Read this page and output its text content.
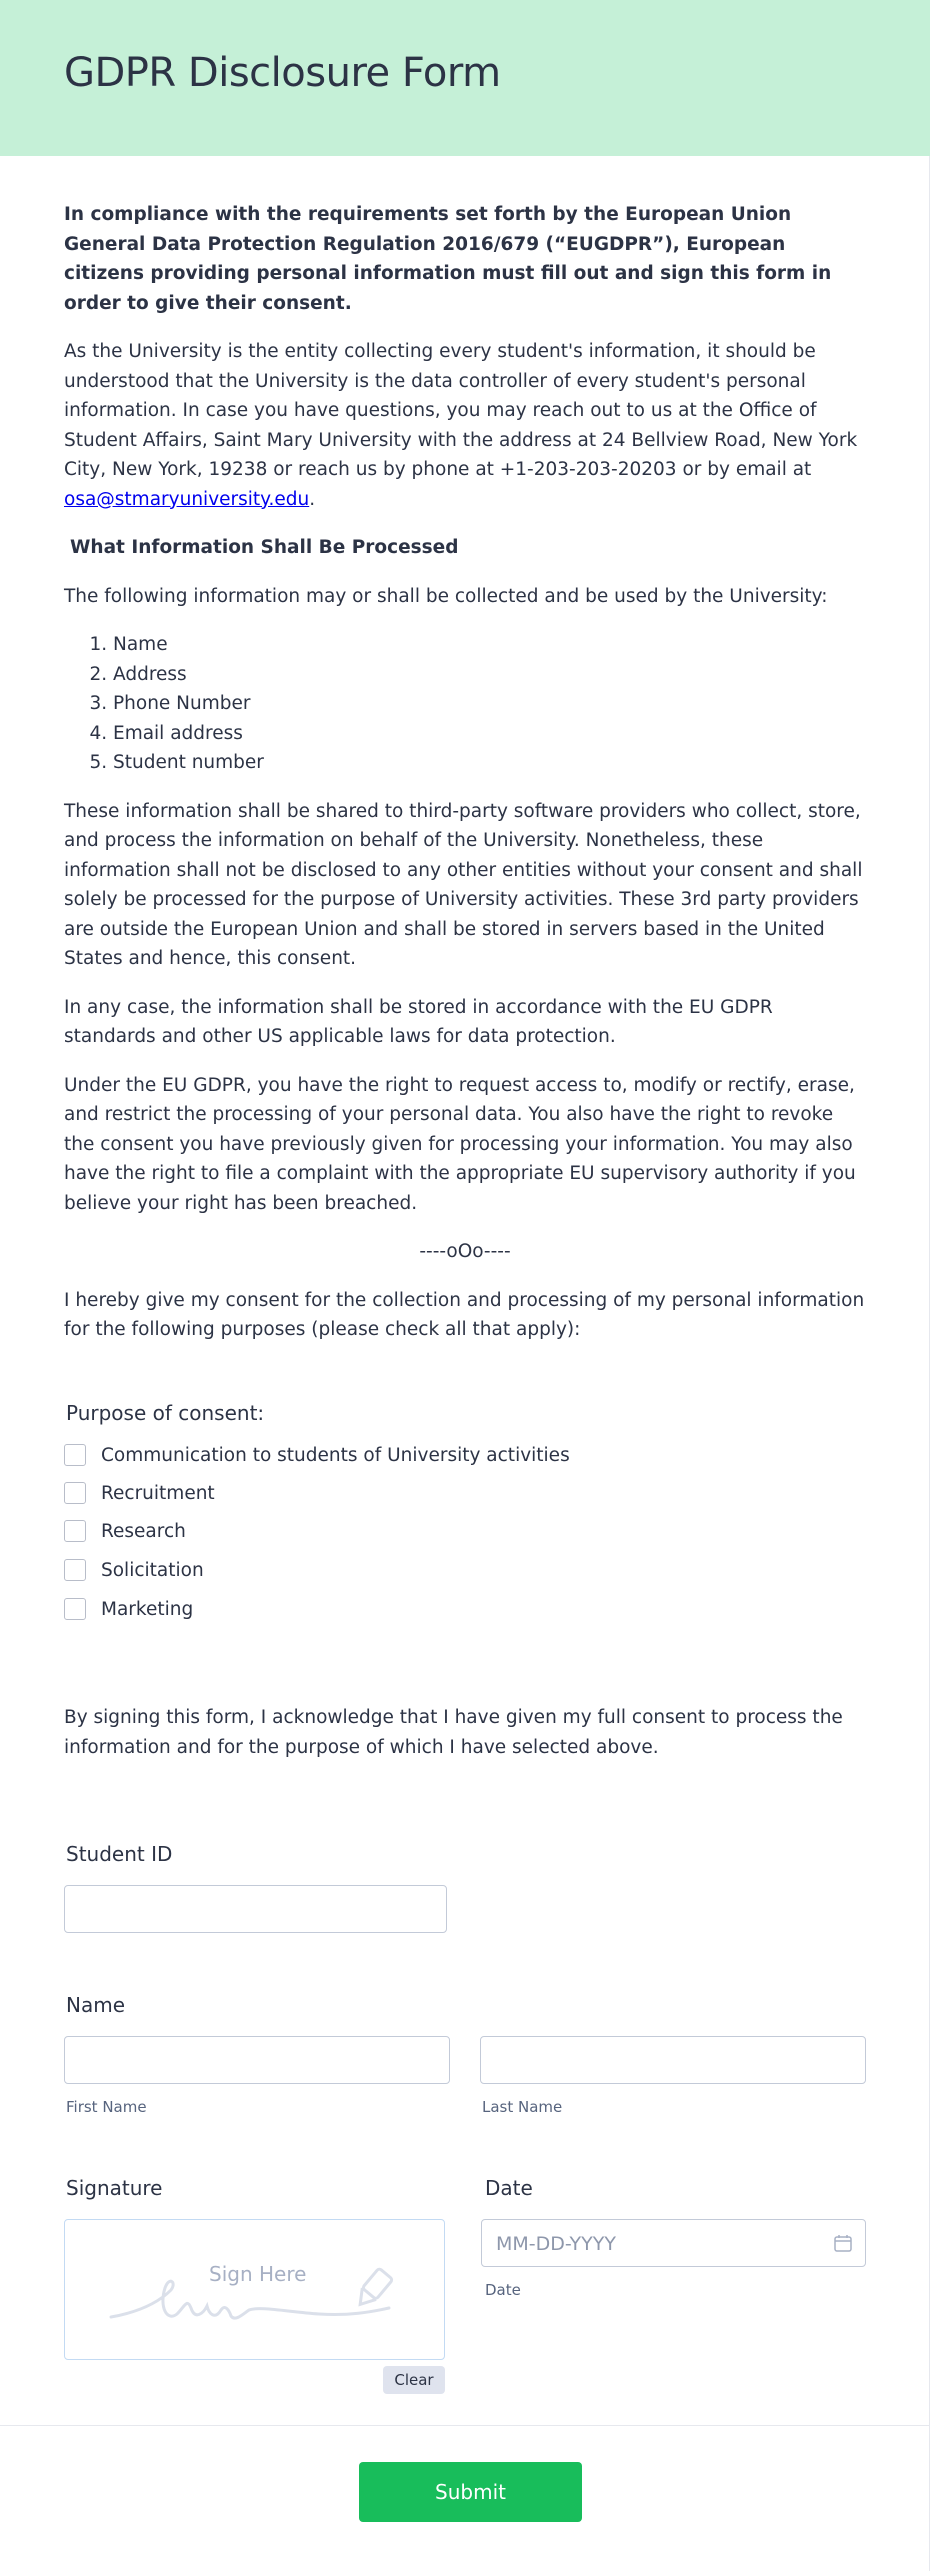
GDPR Disclosure Form

In compliance with the requirements set forth by the European Union General Data Protection Regulation 2016/679 (“EUGDPR”), European citizens providing personal information must fill out and sign this form in order to give their consent.

As the University is the entity collecting every student's information, it should be understood that the University is the data controller of every student's personal information. In case you have questions, you may reach out to us at the Office of Student Affairs, Saint Mary University with the address at 24 Bellview Road, New York City, New York, 19238 or reach us by phone at +1-203-203-20203 or by email at osa@stmaryuniversity.edu.

What Information Shall Be Processed

The following information may or shall be collected and be used by the University:

1. Name
2. Address
3. Phone Number
4. Email address
5. Student number

These information shall be shared to third-party software providers who collect, store, and process the information on behalf of the University. Nonetheless, these information shall not be disclosed to any other entities without your consent and shall solely be processed for the purpose of University activities. These 3rd party providers are outside the European Union and shall be stored in servers based in the United States and hence, this consent.

In any case, the information shall be stored in accordance with the EU GDPR standards and other US applicable laws for data protection.

Under the EU GDPR, you have the right to request access to, modify or rectify, erase, and restrict the processing of your personal data. You also have the right to revoke the consent you have previously given for processing your information. You may also have the right to file a complaint with the appropriate EU supervisory authority if you believe your right has been breached.

----oOo----

I hereby give my consent for the collection and processing of my personal information for the following purposes (please check all that apply):

Purpose of consent:
Communication to students of University activities
Recruitment
Research
Solicitation
Marketing

By signing this form, I acknowledge that I have given my full consent to process the information and for the purpose of which I have selected above.

Student ID
Name
First Name	Last Name
Signature
Sign Here
Clear
Date
MM-DD-YYYY
Date
Submit
